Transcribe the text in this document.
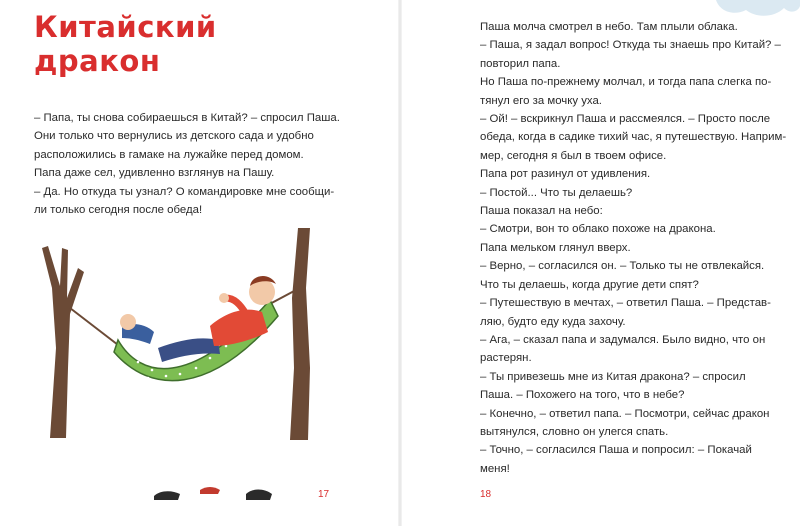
Китайский
дракон
– Папа, ты снова собираешься в Китай? – спросил Паша.
Они только что вернулись из детского сада и удобно
расположились в гамаке на лужайке перед домом.
Папа даже сел, удивленно взглянув на Пашу.
– Да. Но откуда ты узнал? О командировке мне сообщи-
ли только сегодня после обеда!
17	18
Паша молча смотрел в небо. Там плыли облака.
– Паша, я задал вопрос! Откуда ты знаешь про Китай? –
повторил папа.
Но Паша по-прежнему молчал, и тогда папа слегка по-
тянул его за мочку уха.
– Ой! – вскрикнул Паша и рассмеялся. – Просто после
обеда, когда в садике тихий час, я путешествую. Наприм-
мер, сегодня я был в твоем офисе.
Папа рот разинул от удивления.
– Постой... Что ты делаешь?
Паша показал на небо:
– Смотри, вон то облако похоже на дракона.
Папа мельком глянул вверх.
– Верно, – согласился он. – Только ты не отвлекайся.
Что ты делаешь, когда другие дети спят?
– Путешествую в мечтах, – ответил Паша. – Представ-
ляю, будто еду куда захочу.
– Ага, – сказал папа и задумался. Было видно, что он
растерян.
– Ты привезешь мне из Китая дракона? – спросил
Паша. – Похожего на того, что в небе?
– Конечно, – ответил папа. – Посмотри, сейчас дракон
вытянулся, словно он улегся спать.
– Точно, – согласился Паша и попросил: – Покачай
меня!
